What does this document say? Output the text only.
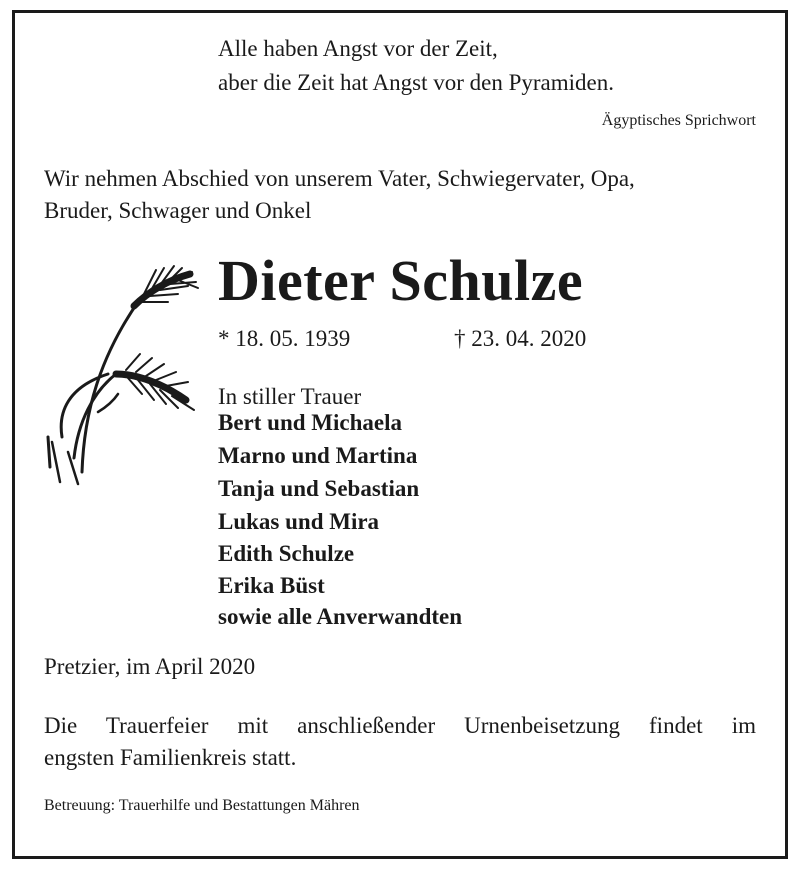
Alle haben Angst vor der Zeit,
aber die Zeit hat Angst vor den Pyramiden.
Ägyptisches Sprichwort
Wir nehmen Abschied von unserem Vater, Schwiegervater, Opa,
Bruder, Schwager und Onkel
Dieter Schulze
* 18. 05. 1939	† 23. 04. 2020
In stiller Trauer
Bert und Michaela
Marno und Martina
Tanja und Sebastian
Lukas und Mira
Edith Schulze
Erika Büst
sowie alle Anverwandten
Pretzier, im April 2020
Die Trauerfeier mit anschließender Urnenbeisetzung findet im
engsten Familienkreis statt.
Betreuung: Trauerhilfe und Bestattungen Mähren
